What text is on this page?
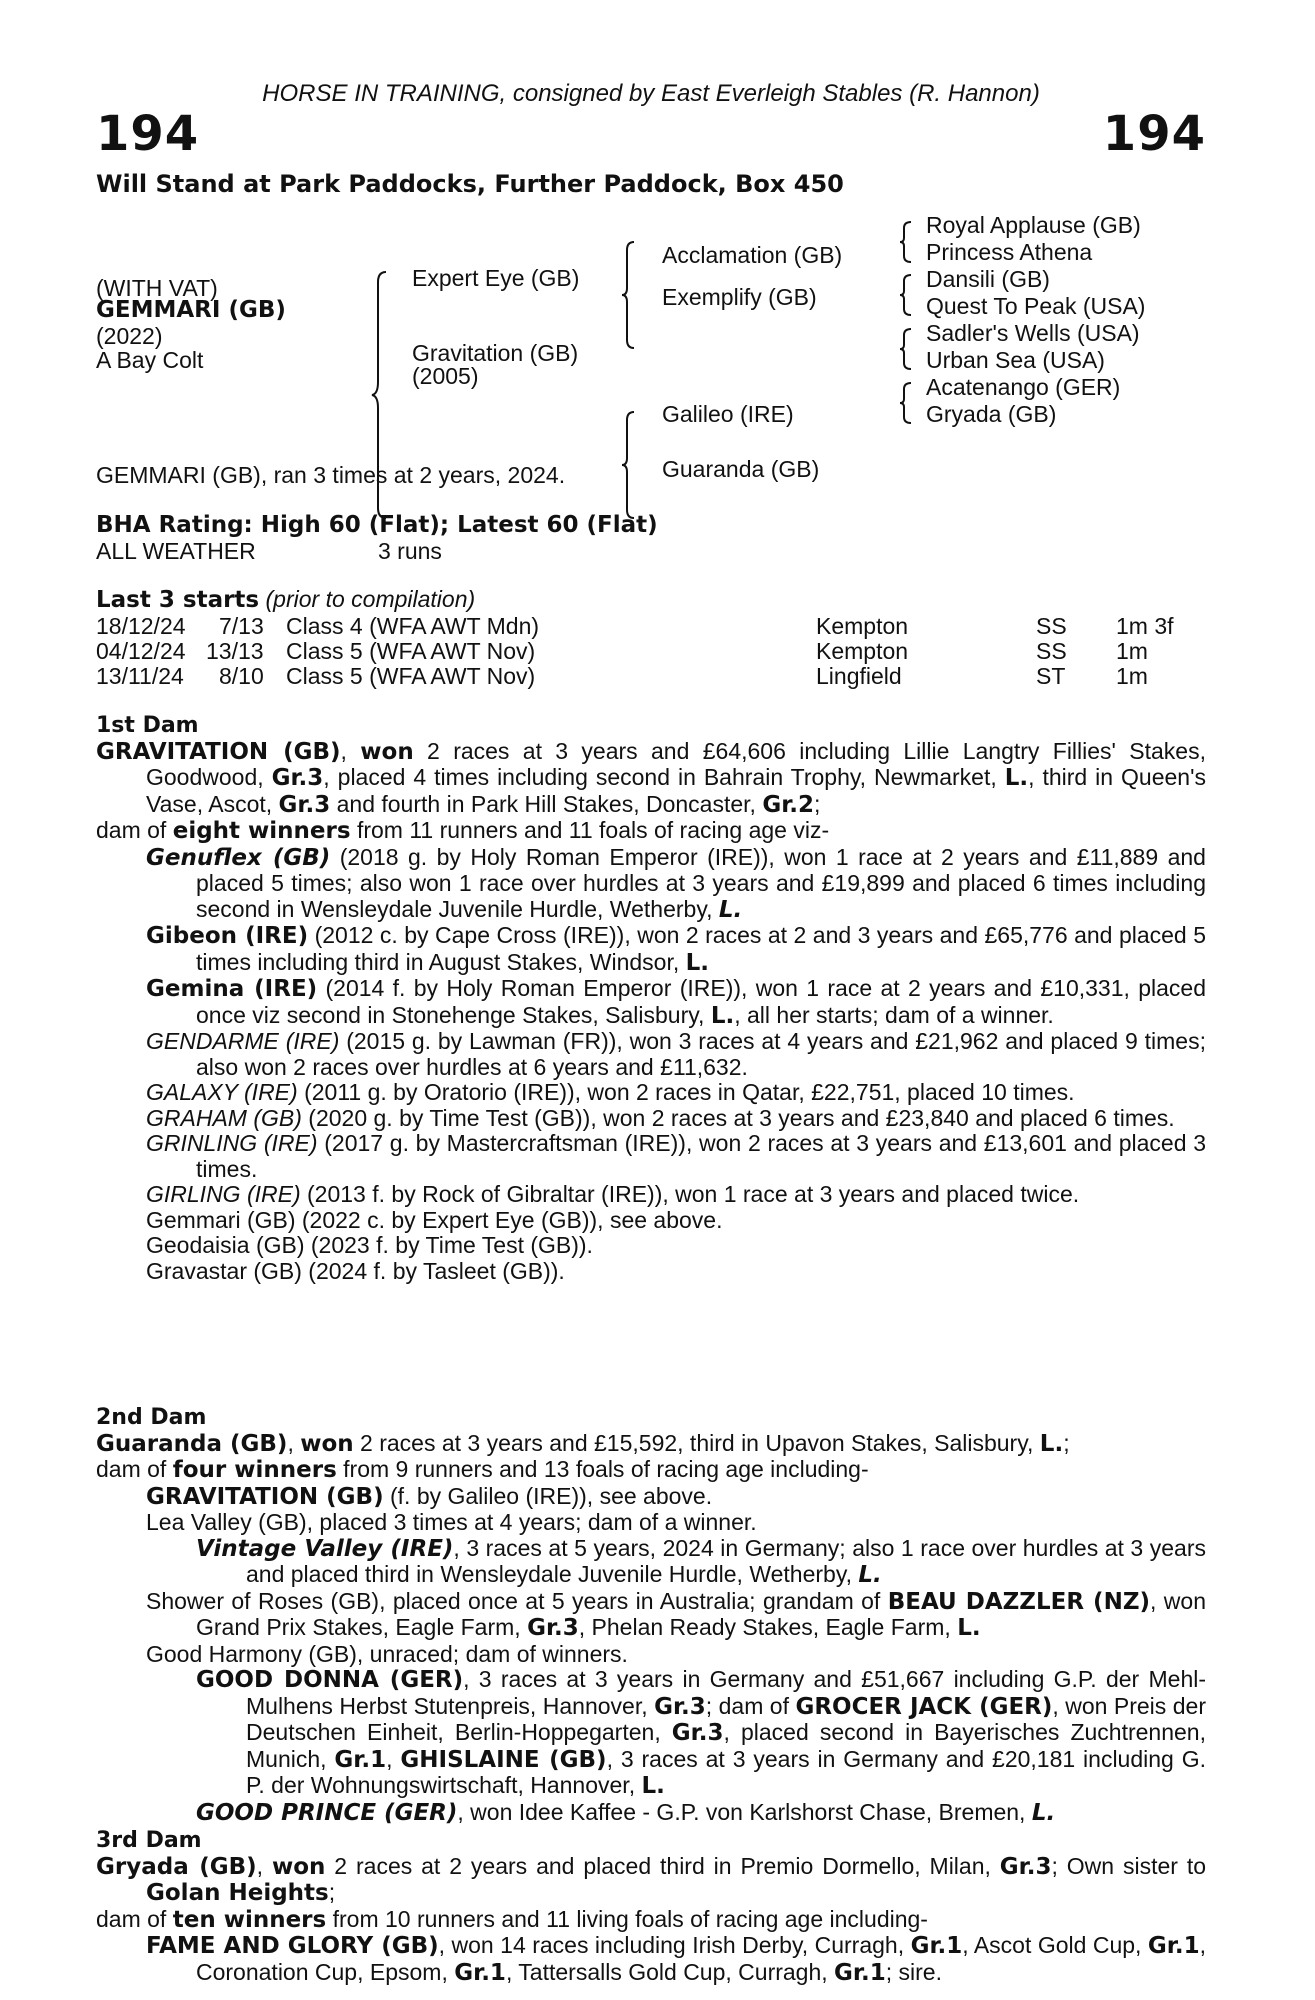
HORSE IN TRAINING, consigned by East Everleigh Stables (R. Hannon)
194	194
Will Stand at Park Paddocks, Further Paddock, Box 450
(WITH VAT)
GEMMARI (GB)
(2022)
A Bay Colt
Expert Eye (GB)
Gravitation (GB)
(2005)
Acclamation (GB)
Exemplify (GB)
Galileo (IRE)
Guaranda (GB)
Royal Applause (GB)
Princess Athena
Dansili (GB)
Quest To Peak (USA)
Sadler's Wells (USA)
Urban Sea (USA)
Acatenango (GER)
Gryada (GB)
GEMMARI (GB), ran 3 times at 2 years, 2024.

BHA Rating: High 60 (Flat); Latest 60 (Flat)

ALL WEATHER	3 runs

Last 3 starts (prior to compilation)

18/12/24 7/13 Class 4 (WFA AWT Mdn)	Kempton	SS 1m 3f
04/12/24 13/13 Class 5 (WFA AWT Nov)	Kempton	SS 1m
13/11/24 8/10 Class 5 (WFA AWT Nov)	Lingfield	ST 1m

1st Dam

GRAVITATION (GB), won 2 races at 3 years and £64,606 including Lillie Langtry Fillies' Stakes, Goodwood, Gr.3, placed 4 times including second in Bahrain Trophy, Newmarket, L., third in Queen's Vase, Ascot, Gr.3 and fourth in Park Hill Stakes, Doncaster, Gr.2;

dam of eight winners from 11 runners and 11 foals of racing age viz-

Genuflex (GB) (2018 g. by Holy Roman Emperor (IRE)), won 1 race at 2 years and £11,889 and placed 5 times; also won 1 race over hurdles at 3 years and £19,899 and placed 6 times including second in Wensleydale Juvenile Hurdle, Wetherby, L.

Gibeon (IRE) (2012 c. by Cape Cross (IRE)), won 2 races at 2 and 3 years and £65,776 and placed 5 times including third in August Stakes, Windsor, L.

Gemina (IRE) (2014 f. by Holy Roman Emperor (IRE)), won 1 race at 2 years and £10,331, placed once viz second in Stonehenge Stakes, Salisbury, L., all her starts; dam of a winner.

GENDARME (IRE) (2015 g. by Lawman (FR)), won 3 races at 4 years and £21,962 and placed 9 times; also won 2 races over hurdles at 6 years and £11,632.

GALAXY (IRE) (2011 g. by Oratorio (IRE)), won 2 races in Qatar, £22,751, placed 10 times.

GRAHAM (GB) (2020 g. by Time Test (GB)), won 2 races at 3 years and £23,840 and placed 6 times.

GRINLING (IRE) (2017 g. by Mastercraftsman (IRE)), won 2 races at 3 years and £13,601 and placed 3 times.

GIRLING (IRE) (2013 f. by Rock of Gibraltar (IRE)), won 1 race at 3 years and placed twice.

Gemmari (GB) (2022 c. by Expert Eye (GB)), see above.

Geodaisia (GB) (2023 f. by Time Test (GB)).

Gravastar (GB) (2024 f. by Tasleet (GB)).

2nd Dam

Guaranda (GB), won 2 races at 3 years and £15,592, third in Upavon Stakes, Salisbury, L.;

dam of four winners from 9 runners and 13 foals of racing age including-

GRAVITATION (GB) (f. by Galileo (IRE)), see above.

Lea Valley (GB), placed 3 times at 4 years; dam of a winner.

Vintage Valley (IRE), 3 races at 5 years, 2024 in Germany; also 1 race over hurdles at 3 years and placed third in Wensleydale Juvenile Hurdle, Wetherby, L.

Shower of Roses (GB), placed once at 5 years in Australia; grandam of BEAU DAZZLER (NZ), won Grand Prix Stakes, Eagle Farm, Gr.3, Phelan Ready Stakes, Eagle Farm, L.

Good Harmony (GB), unraced; dam of winners.

GOOD DONNA (GER), 3 races at 3 years in Germany and £51,667 including G.P. der Mehl-Mulhens Herbst Stutenpreis, Hannover, Gr.3; dam of GROCER JACK (GER), won Preis der Deutschen Einheit, Berlin-Hoppegarten, Gr.3, placed second in Bayerisches Zuchtrennen, Munich, Gr.1, GHISLAINE (GB), 3 races at 3 years in Germany and £20,181 including G. P. der Wohnungswirtschaft, Hannover, L.

GOOD PRINCE (GER), won Idee Kaffee - G.P. von Karlshorst Chase, Bremen, L.

3rd Dam

Gryada (GB), won 2 races at 2 years and placed third in Premio Dormello, Milan, Gr.3; Own sister to Golan Heights;

dam of ten winners from 10 runners and 11 living foals of racing age including-

FAME AND GLORY (GB), won 14 races including Irish Derby, Curragh, Gr.1, Ascot Gold Cup, Gr.1, Coronation Cup, Epsom, Gr.1, Tattersalls Gold Cup, Curragh, Gr.1; sire.
